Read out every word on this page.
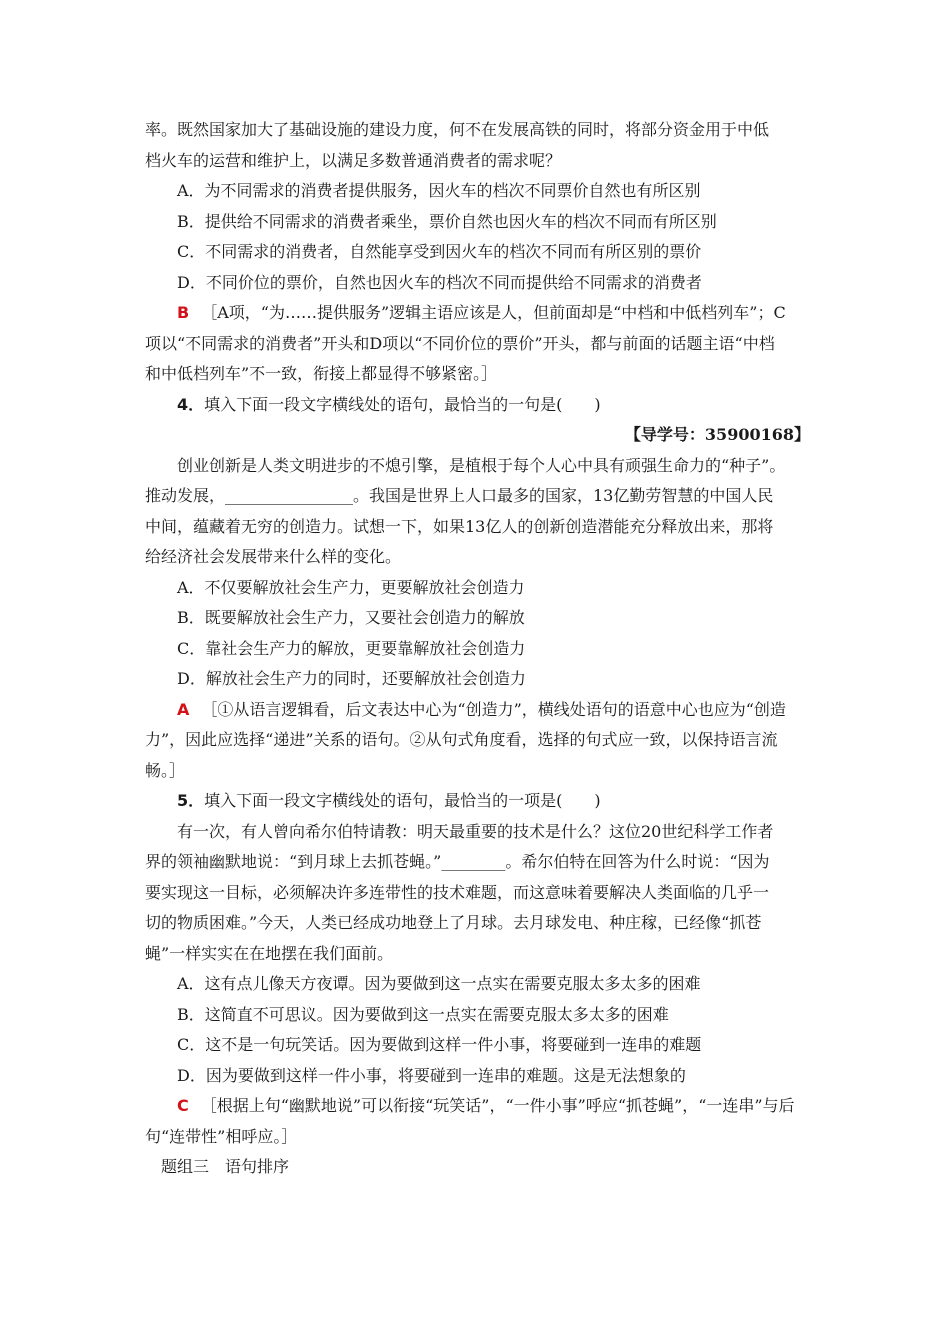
率。既然国家加大了基础设施的建设力度，何不在发展高铁的同时，将部分资金用于中低
档火车的运营和维护上，以满足多数普通消费者的需求呢？
A．为不同需求的消费者提供服务，因火车的档次不同票价自然也有所区别
B．提供给不同需求的消费者乘坐，票价自然也因火车的档次不同而有所区别
C．不同需求的消费者，自然能享受到因火车的档次不同而有所区别的票价
D．不同价位的票价，自然也因火车的档次不同而提供给不同需求的消费者
B ［A项，“为……提供服务”逻辑主语应该是人，但前面却是“中档和中低档列车”；C
项以“不同需求的消费者”开头和D项以“不同价位的票价”开头，都与前面的话题主语“中档
和中低档列车”不一致，衔接上都显得不够紧密。］
4．填入下面一段文字横线处的语句，最恰当的一句是(　　)
【导学号：35900168】
创业创新是人类文明进步的不熄引擎，是植根于每个人心中具有顽强生命力的“种子”。
推动发展，________________。我国是世界上人口最多的国家，13亿勤劳智慧的中国人民
中间，蕴藏着无穷的创造力。试想一下，如果13亿人的创新创造潜能充分释放出来，那将
给经济社会发展带来什么样的变化。
A．不仅要解放社会生产力，更要解放社会创造力
B．既要解放社会生产力，又要社会创造力的解放
C．靠社会生产力的解放，更要靠解放社会创造力
D．解放社会生产力的同时，还要解放社会创造力
A ［①从语言逻辑看，后文表达中心为“创造力”，横线处语句的语意中心也应为“创造
力”，因此应选择“递进”关系的语句。②从句式角度看，选择的句式应一致，以保持语言流
畅。］
5．填入下面一段文字横线处的语句，最恰当的一项是(　　)
有一次，有人曾向希尔伯特请教：明天最重要的技术是什么？这位20世纪科学工作者
界的领袖幽默地说：“到月球上去抓苍蝇。”________。希尔伯特在回答为什么时说：“因为
要实现这一目标，必须解决许多连带性的技术难题，而这意味着要解决人类面临的几乎一
切的物质困难。”今天，人类已经成功地登上了月球。去月球发电、种庄稼，已经像“抓苍
蝇”一样实实在在地摆在我们面前。
A．这有点儿像天方夜谭。因为要做到这一点实在需要克服太多太多的困难
B．这简直不可思议。因为要做到这一点实在需要克服太多太多的困难
C．这不是一句玩笑话。因为要做到这样一件小事，将要碰到一连串的难题
D．因为要做到这样一件小事，将要碰到一连串的难题。这是无法想象的
C ［根据上句“幽默地说”可以衔接“玩笑话”，“一件小事”呼应“抓苍蝇”，“一连串”与后
句“连带性”相呼应。］
题组三　语句排序
